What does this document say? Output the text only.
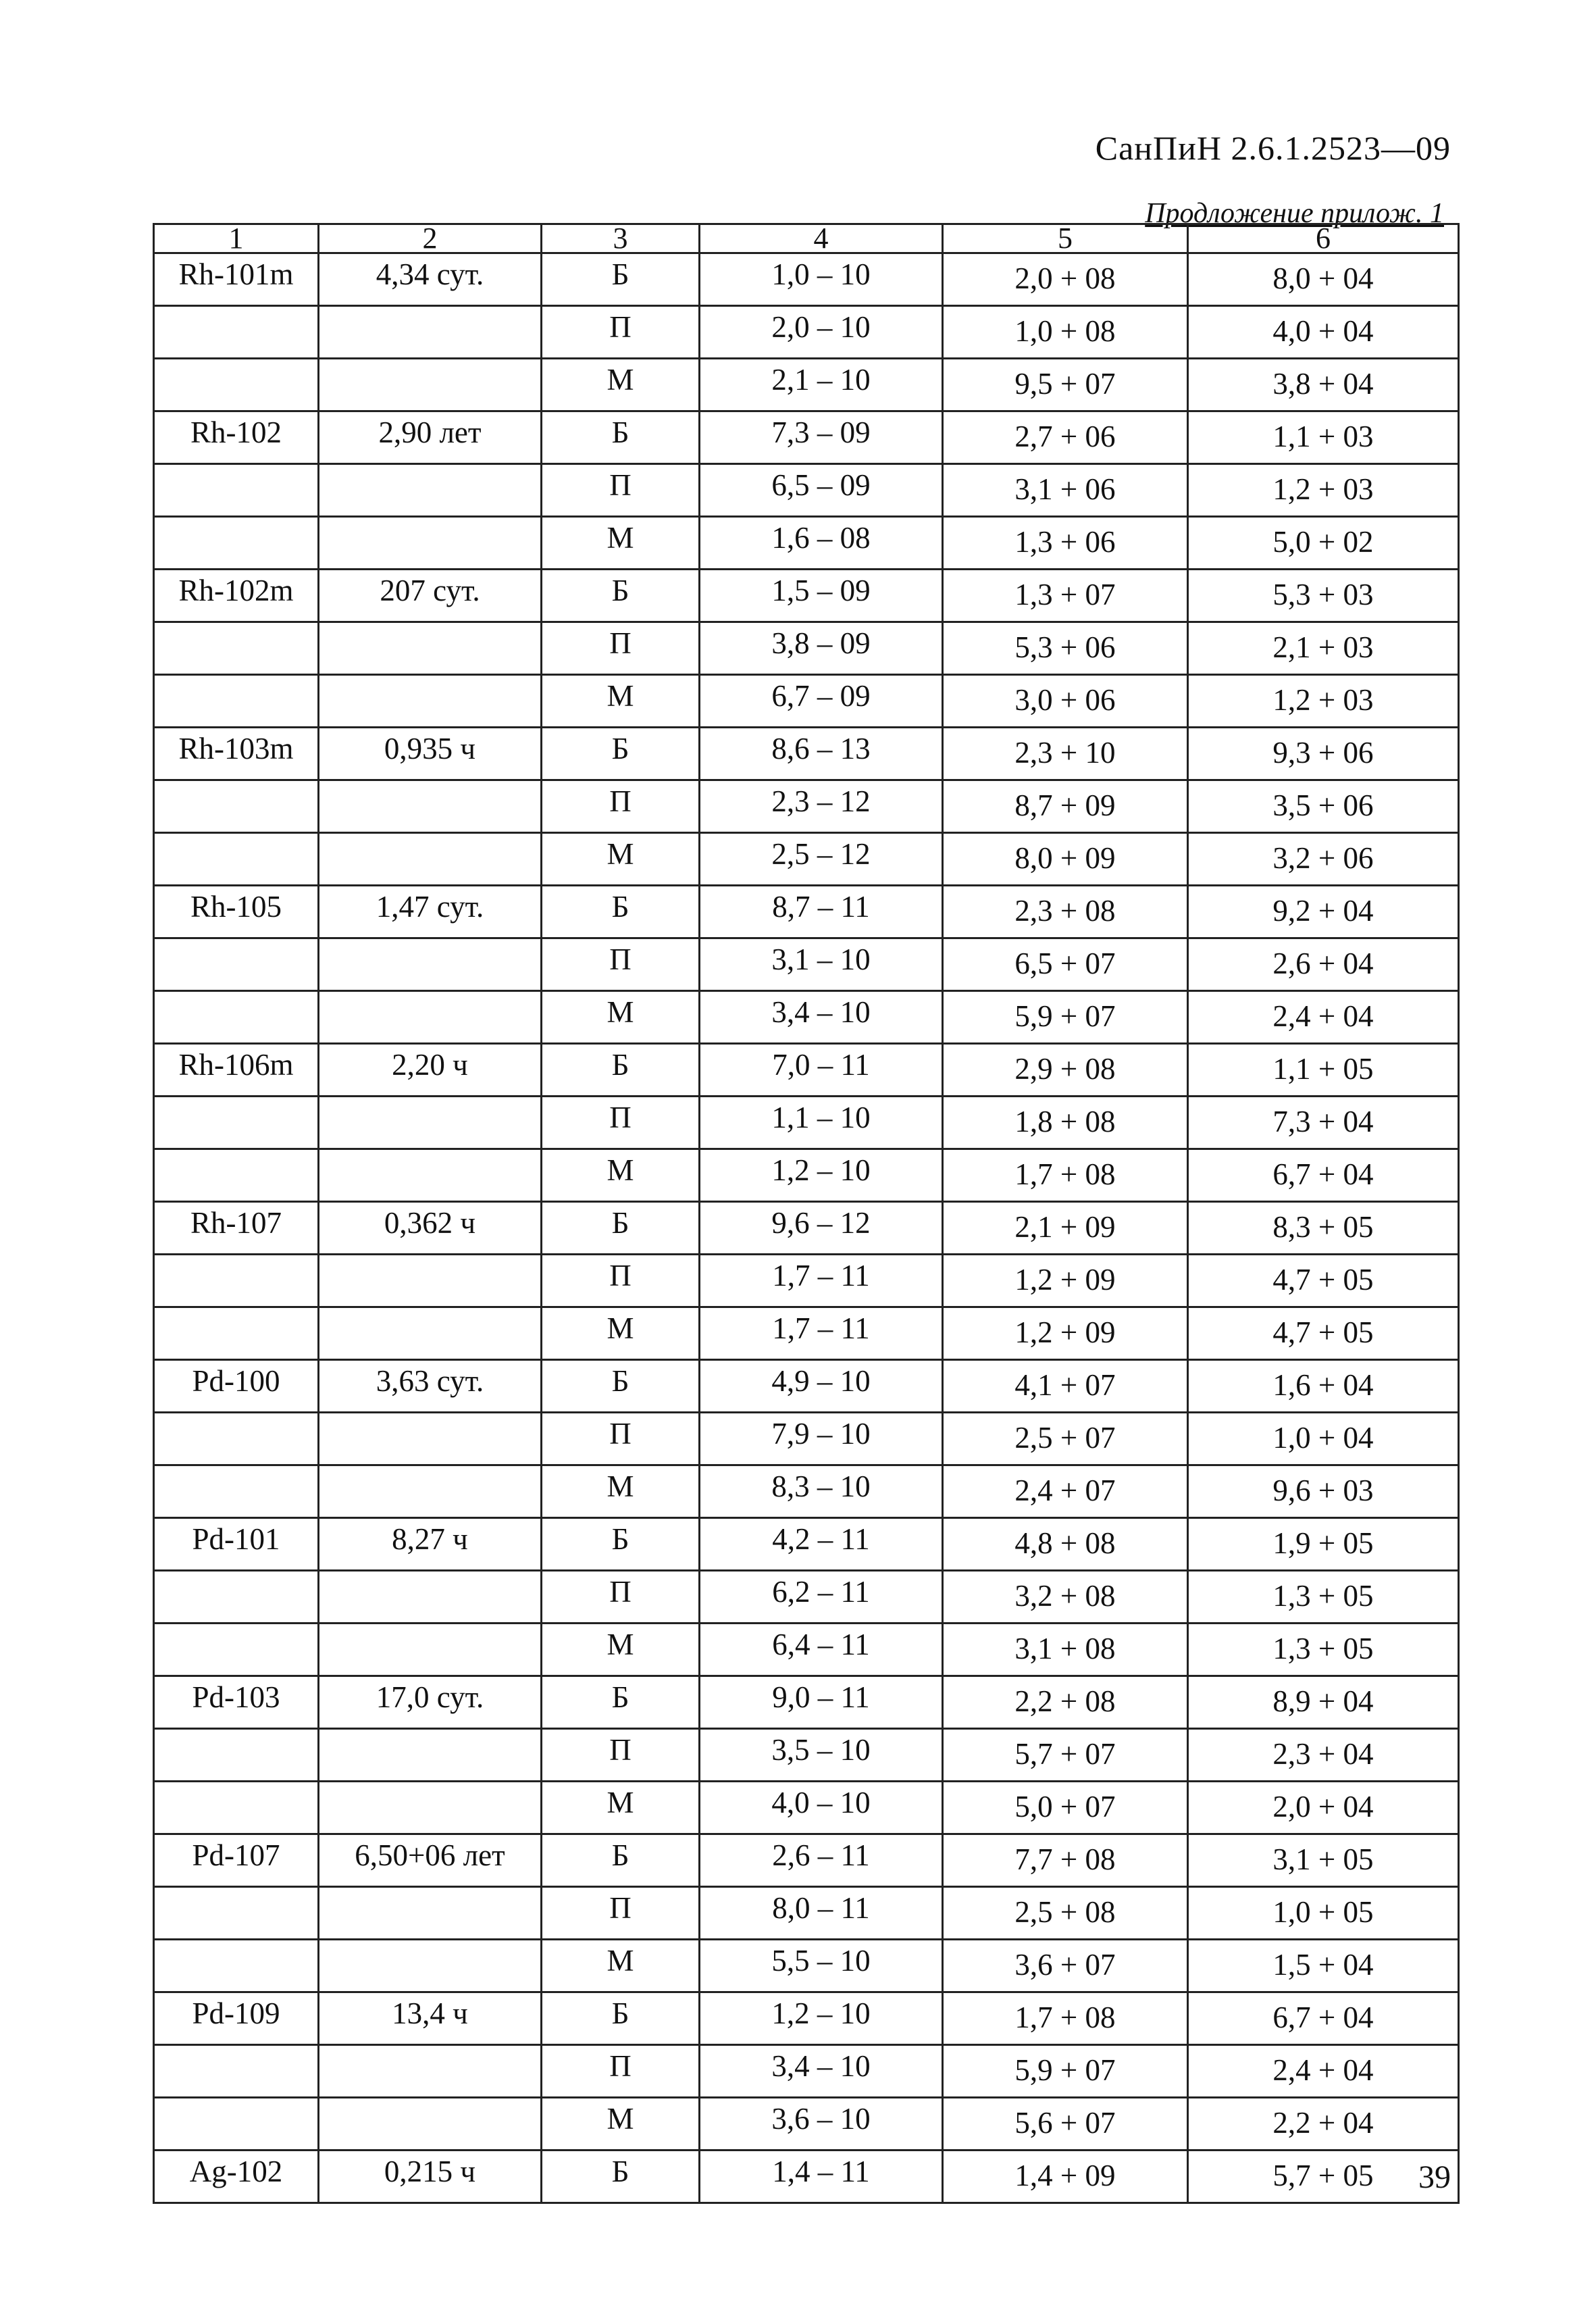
СанПиН 2.6.1.2523—09
Продложение прилож. 1
1	2	3	4	5	6
Rh-101m	4,34 сут.	Б	1,0 – 10	2,0 + 08	8,0 + 04
		П	2,0 – 10	1,0 + 08	4,0 + 04
		М	2,1 – 10	9,5 + 07	3,8 + 04
Rh-102	2,90 лет	Б	7,3 – 09	2,7 + 06	1,1 + 03
		П	6,5 – 09	3,1 + 06	1,2 + 03
		М	1,6 – 08	1,3 + 06	5,0 + 02
Rh-102m	207 сут.	Б	1,5 – 09	1,3 + 07	5,3 + 03
		П	3,8 – 09	5,3 + 06	2,1 + 03
		М	6,7 – 09	3,0 + 06	1,2 + 03
Rh-103m	0,935 ч	Б	8,6 – 13	2,3 + 10	9,3 + 06
		П	2,3 – 12	8,7 + 09	3,5 + 06
		М	2,5 – 12	8,0 + 09	3,2 + 06
Rh-105	1,47 сут.	Б	8,7 – 11	2,3 + 08	9,2 + 04
		П	3,1 – 10	6,5 + 07	2,6 + 04
		М	3,4 – 10	5,9 + 07	2,4 + 04
Rh-106m	2,20 ч	Б	7,0 – 11	2,9 + 08	1,1 + 05
		П	1,1 – 10	1,8 + 08	7,3 + 04
		М	1,2 – 10	1,7 + 08	6,7 + 04
Rh-107	0,362 ч	Б	9,6 – 12	2,1 + 09	8,3 + 05
		П	1,7 – 11	1,2 + 09	4,7 + 05
		М	1,7 – 11	1,2 + 09	4,7 + 05
Pd-100	3,63 сут.	Б	4,9 – 10	4,1 + 07	1,6 + 04
		П	7,9 – 10	2,5 + 07	1,0 + 04
		М	8,3 – 10	2,4 + 07	9,6 + 03
Pd-101	8,27 ч	Б	4,2 – 11	4,8 + 08	1,9 + 05
		П	6,2 – 11	3,2 + 08	1,3 + 05
		М	6,4 – 11	3,1 + 08	1,3 + 05
Pd-103	17,0 сут.	Б	9,0 – 11	2,2 + 08	8,9 + 04
		П	3,5 – 10	5,7 + 07	2,3 + 04
		М	4,0 – 10	5,0 + 07	2,0 + 04
Pd-107	6,50+06 лет	Б	2,6 – 11	7,7 + 08	3,1 + 05
		П	8,0 – 11	2,5 + 08	1,0 + 05
		М	5,5 – 10	3,6 + 07	1,5 + 04
Pd-109	13,4 ч	Б	1,2 – 10	1,7 + 08	6,7 + 04
		П	3,4 – 10	5,9 + 07	2,4 + 04
		М	3,6 – 10	5,6 + 07	2,2 + 04
Ag-102	0,215 ч	Б	1,4 – 11	1,4 + 09	5,7 + 05 39
